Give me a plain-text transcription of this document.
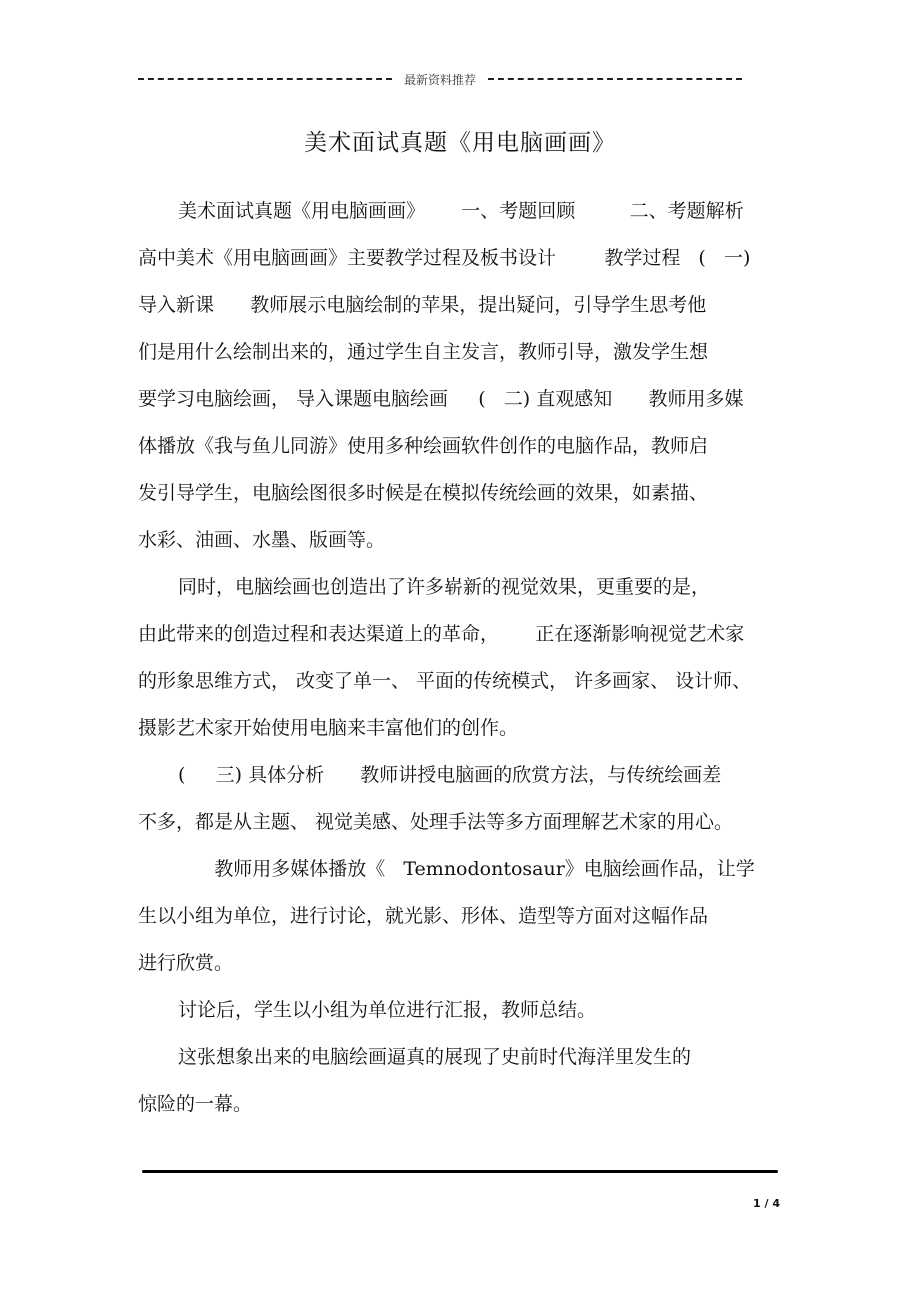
最新资料推荐
美术面试真题《用电脑画画》
美术面试真题《用电脑画画》      一、考题回顾         二、考题解析
高中美术《用电脑画画》主要教学过程及板书设计        教学过程   (   一)
导入新课      教师展示电脑绘制的苹果，提出疑问，引导学生思考他
们是用什么绘制出来的，通过学生自主发言，教师引导，激发学生想
要学习电脑绘画， 导入课题电脑绘画     (   二) 直观感知      教师用多媒
体播放《我与鱼儿同游》使用多种绘画软件创作的电脑作品，教师启
发引导学生，电脑绘图很多时候是在模拟传统绘画的效果，如素描、
水彩、油画、水墨、版画等。
同时，电脑绘画也创造出了许多崭新的视觉效果，更重要的是，
由此带来的创造过程和表达渠道上的革命，      正在逐渐影响视觉艺术家
的形象思维方式， 改变了单一、 平面的传统模式， 许多画家、 设计师、
摄影艺术家开始使用电脑来丰富他们的创作。
(     三) 具体分析      教师讲授电脑画的欣赏方法，与传统绘画差
不多，都是从主题、 视觉美感、处理手法等多方面理解艺术家的用心。
教师用多媒体播放《   Temnodontosaur》电脑绘画作品，让学
生以小组为单位，进行讨论，就光影、形体、造型等方面对这幅作品
进行欣赏。
讨论后，学生以小组为单位进行汇报，教师总结。
这张想象出来的电脑绘画逼真的展现了史前时代海洋里发生的
惊险的一幕。
1 / 4
